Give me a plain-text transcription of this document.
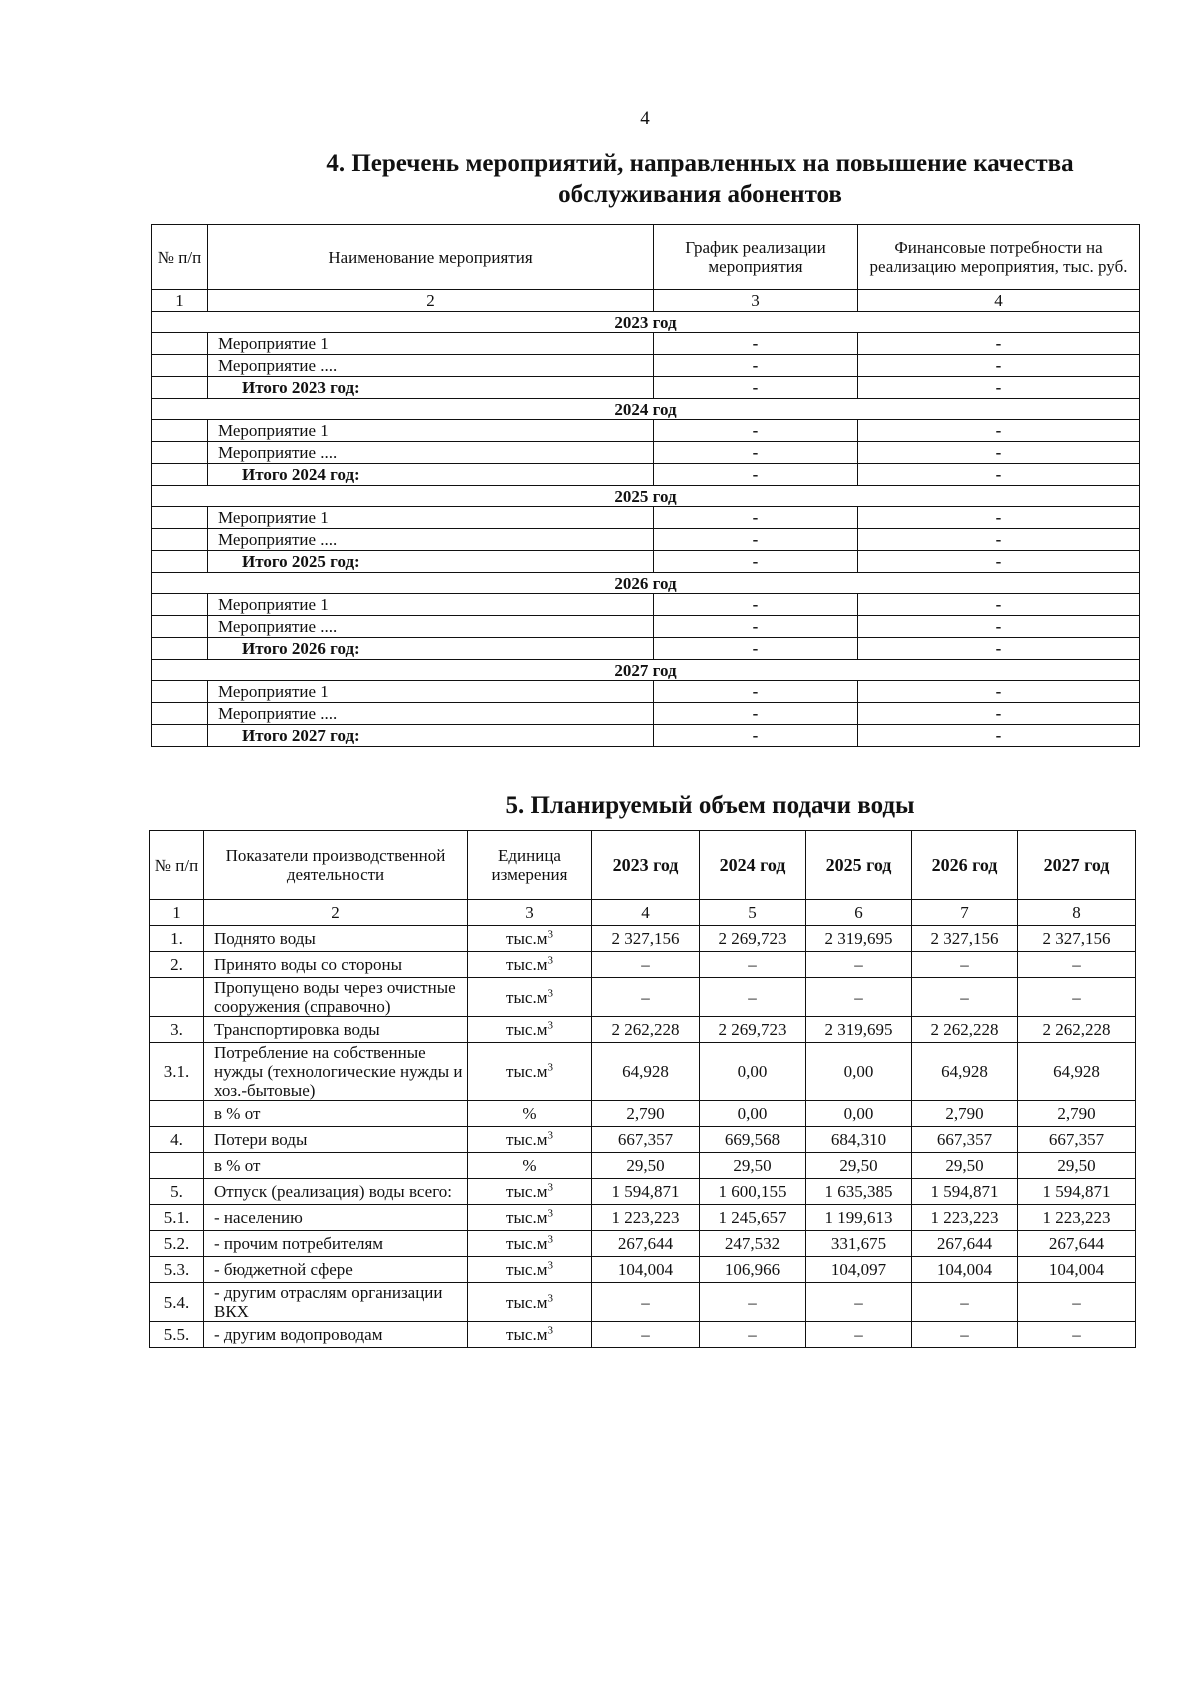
4
4. Перечень мероприятий, направленных на повышение качества
обслуживания абонентов
№ п/п	Наименование мероприятия	График реализации мероприятия	Финансовые потребности на реализацию мероприятия, тыс. руб.
1	2	3	4
2023 год			
	Мероприятие 1	-	-
	Мероприятие ....	-	-
	Итого 2023 год:	-	-
2024 год			
	Мероприятие 1	-	-
	Мероприятие ....	-	-
	Итого 2024 год:	-	-
2025 год			
	Мероприятие 1	-	-
	Мероприятие ....	-	-
	Итого 2025 год:	-	-
2026 год			
	Мероприятие 1	-	-
	Мероприятие ....	-	-
	Итого 2026 год:	-	-
2027 год			
	Мероприятие 1	-	-
	Мероприятие ....	-	-
	Итого 2027 год:	-	-
5. Планируемый объем подачи воды
№ п/п	Показатели производственной деятельности	Единица измерения	2023 год	2024 год	2025 год	2026 год	2027 год
1	2	3	4	5	6	7	8
1.	Поднято воды	$тыс.м^3$	2 327,156	2 269,723	2 319,695	2 327,156	2 327,156
2.	Принято воды со стороны	$тыс.м^3$	–	–	–	–	–
	Пропущено воды через очистные сооружения (справочно)	$тыс.м^3$	–	–	–	–	–
3.	Транспортировка воды	$тыс.м^3$	2 262,228	2 269,723	2 319,695	2 262,228	2 262,228
3.1.	Потребление на собственные нужды (технологические нужды и хоз.-бытовые)	$тыс.м^3$	64,928	0,00	0,00	64,928	64,928
	в % от	%	2,790	0,00	0,00	2,790	2,790
4.	Потери воды	$тыс.м^3$	667,357	669,568	684,310	667,357	667,357
	в % от	%	29,50	29,50	29,50	29,50	29,50
5.	Отпуск (реализация) воды всего:	$тыс.м^3$	1 594,871	1 600,155	1 635,385	1 594,871	1 594,871
5.1.	- населению	$тыс.м^3$	1 223,223	1 245,657	1 199,613	1 223,223	1 223,223
5.2.	- прочим потребителям	$тыс.м^3$	267,644	247,532	331,675	267,644	267,644
5.3.	- бюджетной сфере	$тыс.м^3$	104,004	106,966	104,097	104,004	104,004
5.4.	- другим отраслям организации ВКХ	$тыс.м^3$	–	–	–	–	–
5.5.	- другим водопроводам	$тыс.м^3$	–	–	–	–	–
